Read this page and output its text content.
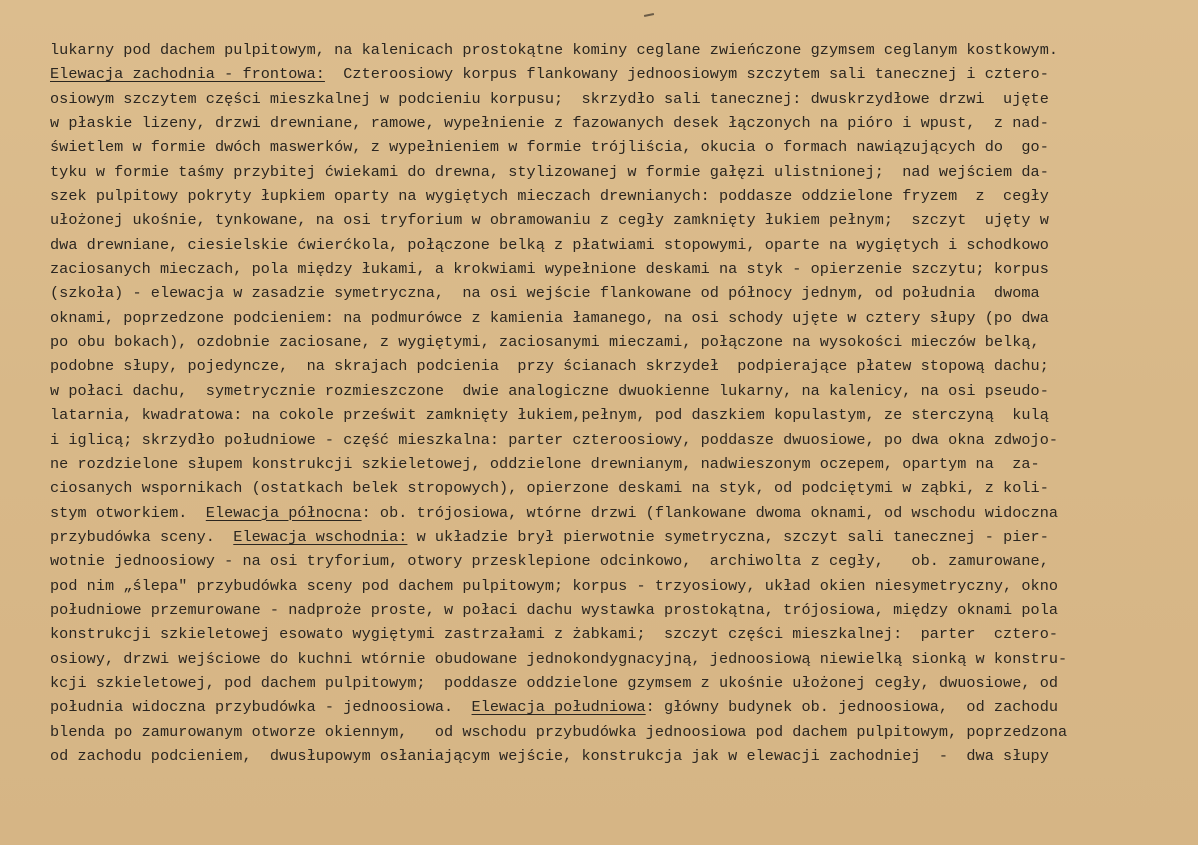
lukarny pod dachem pulpitowym, na kalenicach prostokątne kominy ceglane zwieńczone gzymsem ceglanym kostkowym.
Elewacja zachodnia - frontowa:  Czteroosiowy korpus flankowany jednoosiowym szczytem sali tanecznej i cztero-
osiowym szczytem części mieszkalnej w podcieniu korpusu;  skrzydło sali tanecznej: dwuskrzydłowe drzwi  ujęte
w płaskie lizeny, drzwi drewniane, ramowe, wypełnienie z fazowanych desek łączonych na pióro i wpust,  z nad-
świetlem w formie dwóch maswerków, z wypełnieniem w formie trójliścia, okucia o formach nawiązujących do  go-
tyku w formie taśmy przybitej ćwiekami do drewna, stylizowanej w formie gałęzi ulistnionej;  nad wejściem da-
szek pulpitowy pokryty łupkiem oparty na wygiętych mieczach drewnianych: poddasze oddzielone fryzem  z  cegły
ułożonej ukośnie, tynkowane, na osi tryforium w obramowaniu z cegły zamknięty łukiem pełnym;  szczyt  ujęty w
dwa drewniane, ciesielskie ćwierćkola, połączone belką z płatwiami stopowymi, oparte na wygiętych i schodkowo
zaciosanych mieczach, pola między łukami, a krokwiami wypełnione deskami na styk - opierzenie szczytu; korpus
(szkoła) - elewacja w zasadzie symetryczna,  na osi wejście flankowane od północy jednym, od południa  dwoma
oknami, poprzedzone podcieniem: na podmurówce z kamienia łamanego, na osi schody ujęte w cztery słupy (po dwa
po obu bokach), ozdobnie zaciosane, z wygiętymi, zaciosanymi mieczami, połączone na wysokości mieczów belką,
podobne słupy, pojedyncze,  na skrajach podcienia  przy ścianach skrzydeł  podpierające płatew stopową dachu;
w połaci dachu,  symetrycznie rozmieszczone  dwie analogiczne dwuokienne lukarny, na kalenicy, na osi pseudo-
latarnia, kwadratowa: na cokole prześwit zamknięty łukiem,pełnym, pod daszkiem kopulastym, ze sterczyną  kulą
i iglicą; skrzydło południowe - część mieszkalna: parter czteroosiowy, poddasze dwuosiowe, po dwa okna zdwojo-
ne rozdzielone słupem konstrukcji szkieletowej, oddzielone drewnianym, nadwieszonym oczepem, opartym na  za-
ciosanych wspornikach (ostatkach belek stropowych), opierzone deskami na styk, od podciętymi w ząbki, z koli-
stym otworkiem.  Elewacja północna: ob. trójosiowa, wtórne drzwi (flankowane dwoma oknami, od wschodu widoczna
przybudówka sceny.  Elewacja wschodnia: w układzie brył pierwotnie symetryczna, szczyt sali tanecznej - pier-
wotnie jednoosiowy - na osi tryforium, otwory przesklepione odcinkowo,  archiwolta z cegły,   ob. zamurowane,
pod nim „ślepa" przybudówka sceny pod dachem pulpitowym; korpus - trzyosiowy, układ okien niesymetryczny, okno
południowe przemurowane - nadproże proste, w połaci dachu wystawka prostokątna, trójosiowa, między oknami pola
konstrukcji szkieletowej esowato wygiętymi zastrzałami z żabkami;  szczyt części mieszkalnej:  parter  cztero-
osiowy, drzwi wejściowe do kuchni wtórnie obudowane jednokondygnacyjną, jednoosiową niewielką sionką w konstru-
kcji szkieletowej, pod dachem pulpitowym;  poddasze oddzielone gzymsem z ukośnie ułożonej cegły, dwuosiowe, od
południa widoczna przybudówka - jednoosiowa.  Elewacja południowa: główny budynek ob. jednoosiowa,  od zachodu
blenda po zamurowanym otworze okiennym,   od wschodu przybudówka jednoosiowa pod dachem pulpitowym, poprzedzona
od zachodu podcieniem,  dwusłupowym osłaniającym wejście, konstrukcja jak w elewacji zachodniej  -  dwa słupy
